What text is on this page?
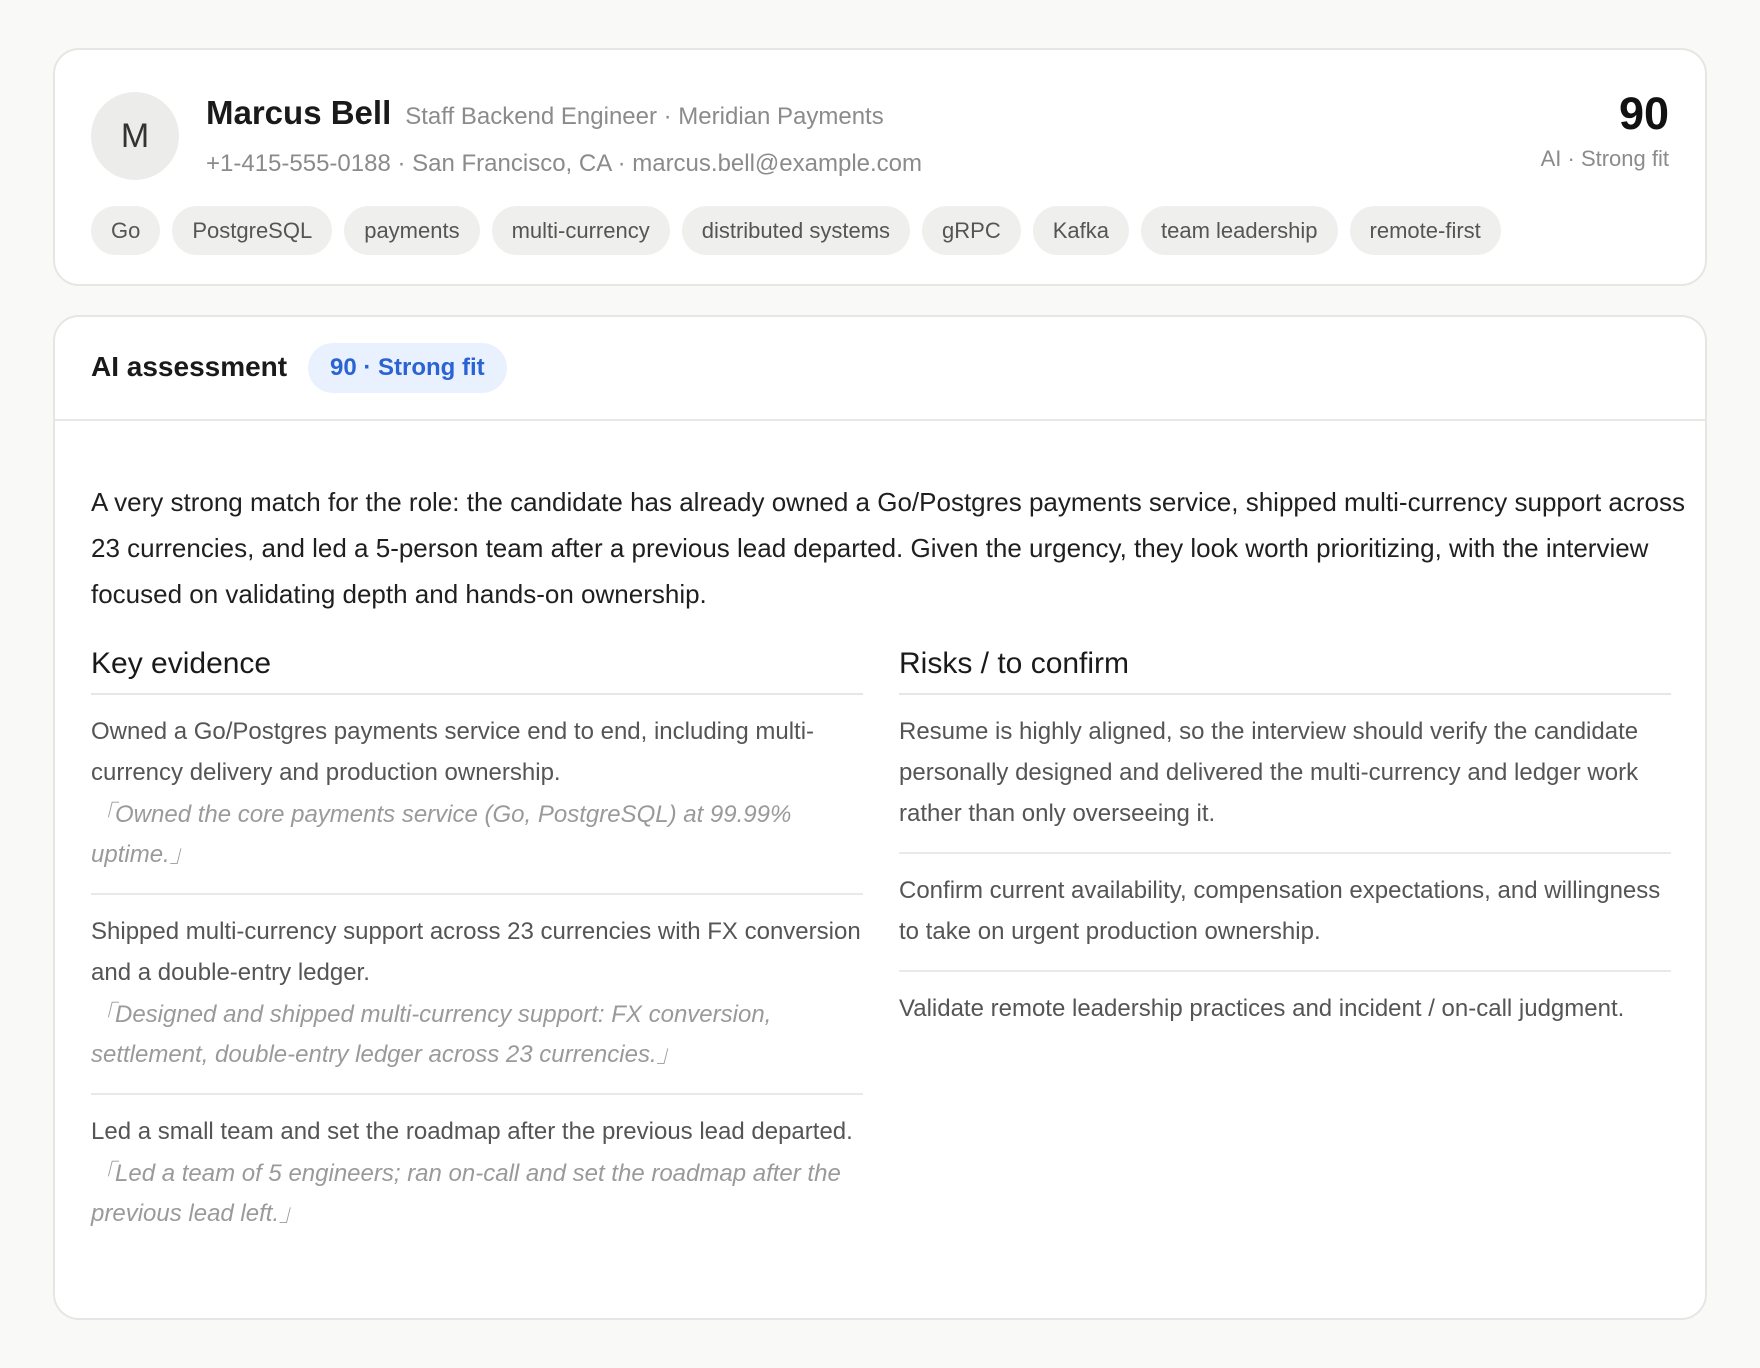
M
Marcus Bell Staff Backend Engineer · Meridian Payments
+1-415-555-0188 · San Francisco, CA · marcus.bell@example.com
90
AI · Strong fit
Go	PostgreSQL	payments	multi-currency	distributed systems	gRPC	Kafka	team leadership	remote-first
AI assessment	90 · Strong fit

A very strong match for the role: the candidate has already owned a Go/Postgres payments service, shipped multi-currency support across 23 currencies, and led a 5-person team after a previous lead departed. Given the urgency, they look worth prioritizing, with the interview focused on validating depth and hands-on ownership.

Key evidence
Owned a Go/Postgres payments service end to end, including multi-currency delivery and production ownership.
「Owned the core payments service (Go, PostgreSQL) at 99.99% uptime.」
Shipped multi-currency support across 23 currencies with FX conversion and a double-entry ledger.
「Designed and shipped multi-currency support: FX conversion, settlement, double-entry ledger across 23 currencies.」
Led a small team and set the roadmap after the previous lead departed.
「Led a team of 5 engineers; ran on-call and set the roadmap after the previous lead left.」
Risks / to confirm
Resume is highly aligned, so the interview should verify the candidate personally designed and delivered the multi-currency and ledger work rather than only overseeing it.
Confirm current availability, compensation expectations, and willingness to take on urgent production ownership.
Validate remote leadership practices and incident / on-call judgment.
